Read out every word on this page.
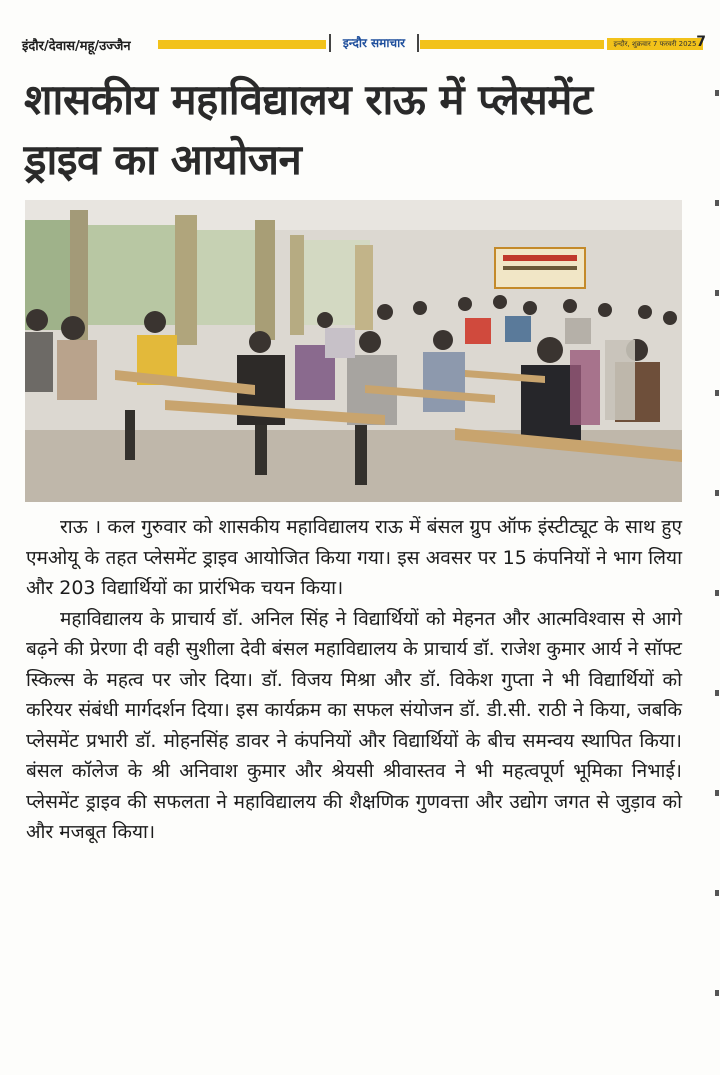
इंदौर/देवास/महू/उज्जैन	इन्दौर समाचार	इन्दौर, शुक्रवार 7 फरवरी 2025 7
शासकीय महाविद्यालय राऊ में प्लेसमेंट
ड्राइव का आयोजन

राऊ । कल गुरुवार को शासकीय महाविद्यालय राऊ में बंसल ग्रुप ऑफ इंस्टीट्यूट के साथ हुए एमओयू के तहत प्लेसमेंट ड्राइव आयोजित किया गया। इस अवसर पर 15 कंपनियों ने भाग लिया और 203 विद्यार्थियों का प्रारंभिक चयन किया।

महाविद्यालय के प्राचार्य डॉ. अनिल सिंह ने विद्यार्थियों को मेहनत और आत्मविश्वास से आगे बढ़ने की प्रेरणा दी वही सुशीला देवी बंसल महाविद्यालय के प्राचार्य डॉ. राजेश कुमार आर्य ने सॉफ्ट स्किल्स के महत्व पर जोर दिया। डॉ. विजय मिश्रा और डॉ. विकेश गुप्ता ने भी विद्यार्थियों को करियर संबंधी मार्गदर्शन दिया। इस कार्यक्रम का सफल संयोजन डॉ. डी.सी. राठी ने किया, जबकि प्लेसमेंट प्रभारी डॉ. मोहनसिंह डावर ने कंपनियों और विद्यार्थियों के बीच समन्वय स्थापित किया। बंसल कॉलेज के श्री अनिवाश कुमार और श्रेयसी श्रीवास्तव ने भी महत्वपूर्ण भूमिका निभाई। प्लेसमेंट ड्राइव की सफलता ने महाविद्यालय की शैक्षणिक गुणवत्ता और उद्योग जगत से जुड़ाव को और मजबूत किया।
